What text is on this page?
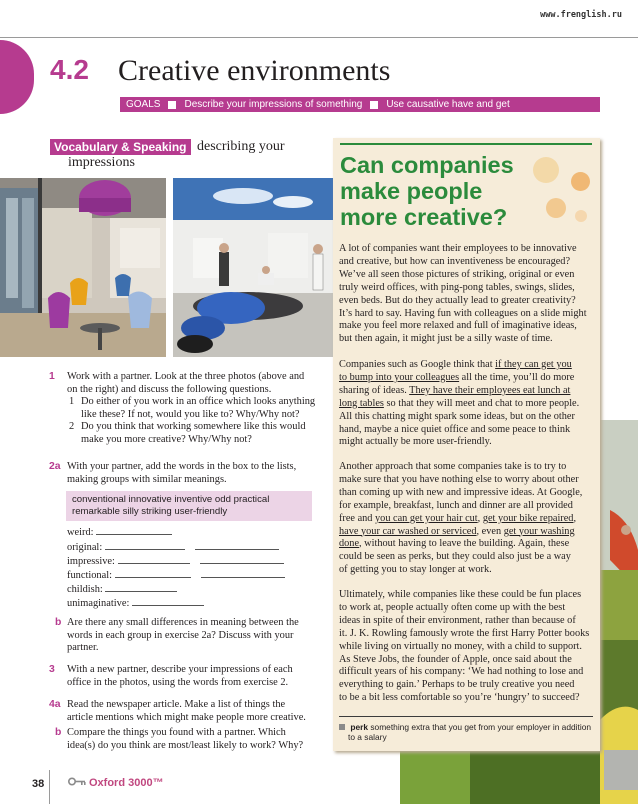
www.frenglish.ru
4.2 Creative environments
GOALS Describe your impressions of something Use causative have and get
Vocabulary & Speaking describing your
impressions
1 Work with a partner. Look at the three photos (above and
on the right) and discuss the following questions.
1 Do either of you work in an office which looks anything
like these? If not, would you like to? Why/Why not?
2 Do you think that working somewhere like this would
make you more creative? Why/Why not?
2a With your partner, add the words in the box to the lists,
making groups with similar meanings.
conventional innovative inventive odd practical
remarkable silly striking user-friendly
weird:
original:
impressive:
functional:
childish:
unimaginative:
b Are there any small differences in meaning between the
words in each group in exercise 2a? Discuss with your
partner.
3 With a new partner, describe your impressions of each
office in the photos, using the words from exercise 2.
4a Read the newspaper article. Make a list of things the
article mentions which might make people more creative.
b Compare the things you found with a partner. Which
idea(s) do you think are most/least likely to work? Why?
Can companies
make people
more creative?
A lot of companies want their employees to be innovative
and creative, but how can inventiveness be encouraged?
We’ve all seen those pictures of striking, original or even
truly weird offices, with ping-pong tables, swings, slides,
even beds. But do they actually lead to greater creativity?
It’s hard to say. Having fun with colleagues on a slide might
make you feel more relaxed and full of imaginative ideas,
but then again, it might just be a silly waste of time.
Companies such as Google think that if they can get you
to bump into your colleagues all the time, you’ll do more
sharing of ideas. They have their employees eat lunch at
long tables so that they will meet and chat to more people.
All this chatting might spark some ideas, but on the other
hand, maybe a nice quiet office and some peace to think
might actually be more user-friendly.
Another approach that some companies take is to try to
make sure that you have nothing else to worry about other
than coming up with new and impressive ideas. At Google,
for example, breakfast, lunch and dinner are all provided
free and you can get your hair cut, get your bike repaired,
have your car washed or serviced, even get your washing
done, without having to leave the building. Again, these
could be seen as perks, but they could also just be a way
of getting you to stay longer at work.
Ultimately, while companies like these could be fun places
to work at, people actually often come up with the best
ideas in spite of their environment, rather than because of
it. J. K. Rowling famously wrote the first Harry Potter books
while living on virtually no money, with a child to support.
As Steve Jobs, the founder of Apple, once said about the
difficult years of his company: ‘We had nothing to lose and
everything to gain.’ Perhaps to be truly creative you need
to be a bit less comfortable so you’re ‘hungry’ to succeed?
perk something extra that you get from your employer in addition
to a salary
38	Oxford 3000™
